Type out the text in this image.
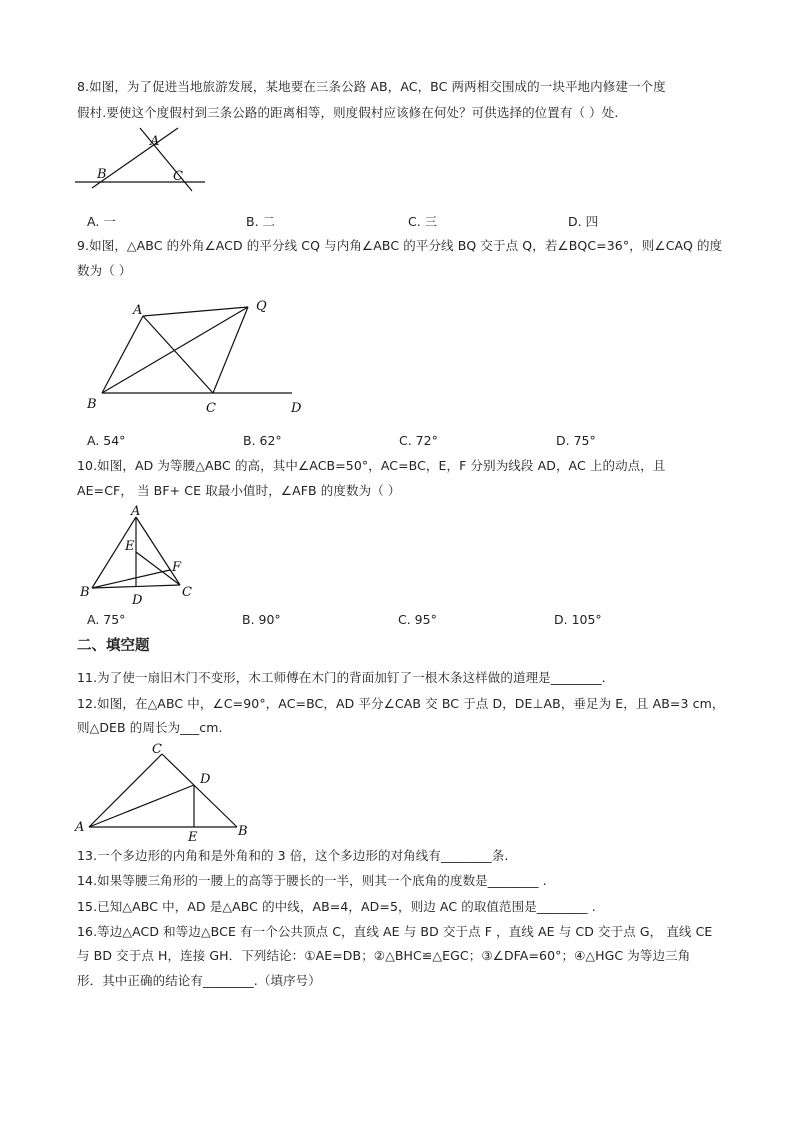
8.如图，为了促进当地旅游发展，某地要在三条公路 AB，AC，BC 两两相交围成的一块平地内修建一个度
假村.要使这个度假村到三条公路的距离相等，则度假村应该修在何处？可供选择的位置有（ ）处.
A
B	C
A. 一	B. 二	C. 三	D. 四
9.如图，△ABC 的外角∠ACD 的平分线 CQ 与内角∠ABC 的平分线 BQ 交于点 Q，若∠BQC=36°，则∠CAQ 的度
数为（ ）
A	Q
B	C	D
A. 54°	B. 62°	C. 72°	D. 75°
10.如图，AD 为等腰△ABC 的高，其中∠ACB=50°，AC=BC，E，F 分别为线段 AD，AC 上的动点，且
AE=CF， 当 BF+ CE 取最小值时，∠AFB 的度数为（ ）
A
E
F
B
D
C
A. 75°	B. 90°	C. 95°	D. 105°
二、填空题
11.为了使一扇旧木门不变形，木工师傅在木门的背面加钉了一根木条这样做的道理是________.
12.如图，在△ABC 中，∠C=90°，AC=BC，AD 平分∠CAB 交 BC 于点 D，DE⊥AB，垂足为 E，且 AB=3 cm，
则△DEB 的周长为___cm.
C
D
A
E	B
13.一个多边形的内角和是外角和的 3 倍，这个多边形的对角线有________条.
14.如果等腰三角形的一腰上的高等于腰长的一半，则其一个底角的度数是________ .
15.已知△ABC 中，AD 是△ABC 的中线，AB=4，AD=5，则边 AC 的取值范围是________ .
16.等边△ACD 和等边△BCE 有一个公共顶点 C，直线 AE 与 BD 交于点 F ，直线 AE 与 CD 交于点 G， 直线 CE
与 BD 交于点 H，连接 GH．下列结论：①AE=DB；②△BHC≌△EGC；③∠DFA=60°；④△HGC 为等边三角
形．其中正确的结论有________.（填序号）
